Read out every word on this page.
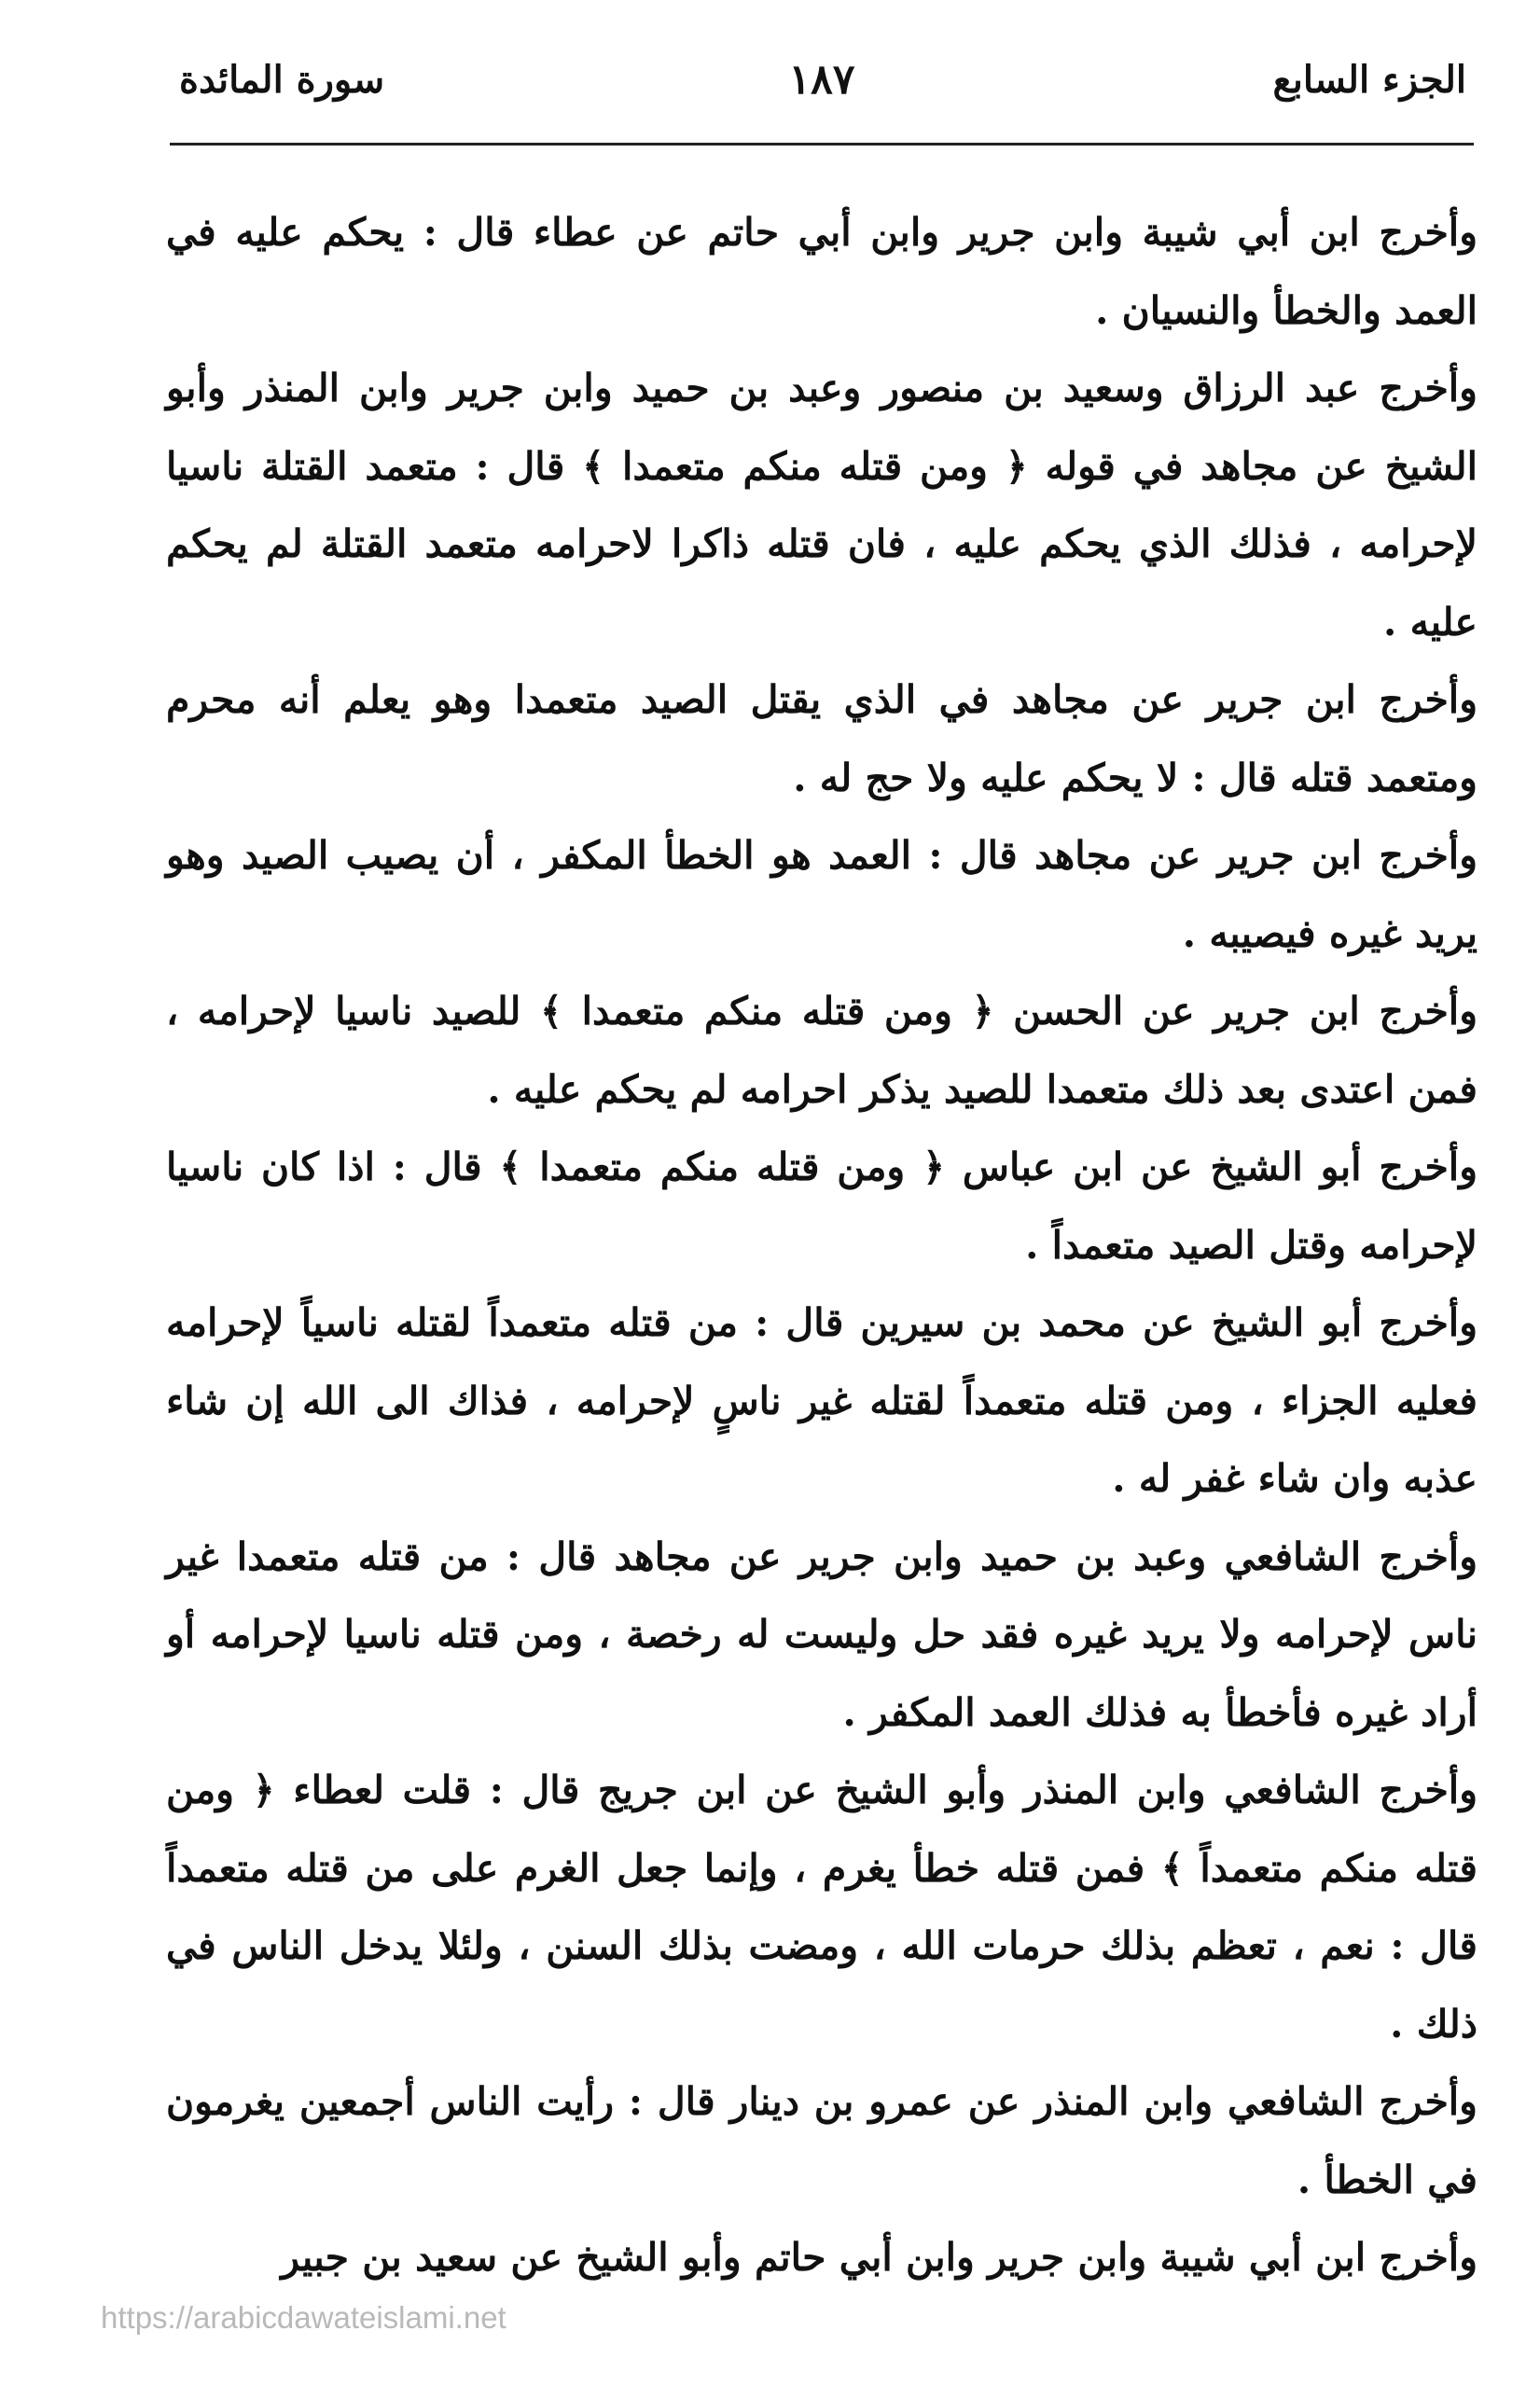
الجزء السابع
١٨٧
سورة المائدة

وأخرج ابن أبي شيبة وابن جرير وابن أبي حاتم عن عطاء قال : يحكم عليه في العمد والخطأ والنسيان .

وأخرج عبد الرزاق وسعيد بن منصور وعبد بن حميد وابن جرير وابن المنذر وأبو الشيخ عن مجاهد في قوله ﴿ ومن قتله منكم متعمدا ﴾ قال : متعمد القتلة ناسيا لإحرامه ، فذلك الذي يحكم عليه ، فان قتله ذاكرا لاحرامه متعمد القتلة لم يحكم عليه .

وأخرج ابن جرير عن مجاهد في الذي يقتل الصيد متعمدا وهو يعلم أنه محرم ومتعمد قتله قال : لا يحكم عليه ولا حج له .

وأخرج ابن جرير عن مجاهد قال : العمد هو الخطأ المكفر ، أن يصيب الصيد وهو يريد غيره فيصيبه .

وأخرج ابن جرير عن الحسن ﴿ ومن قتله منكم متعمدا ﴾ للصيد ناسيا لإحرامه ، فمن اعتدى بعد ذلك متعمدا للصيد يذكر احرامه لم يحكم عليه .

وأخرج أبو الشيخ عن ابن عباس ﴿ ومن قتله منكم متعمدا ﴾ قال : اذا كان ناسيا لإحرامه وقتل الصيد متعمداً .

وأخرج أبو الشيخ عن محمد بن سيرين قال : من قتله متعمداً لقتله ناسياً لإحرامه فعليه الجزاء ، ومن قتله متعمداً لقتله غير ناسٍ لإحرامه ، فذاك الى الله إن شاء عذبه وان شاء غفر له .

وأخرج الشافعي وعبد بن حميد وابن جرير عن مجاهد قال : من قتله متعمدا غير ناس لإحرامه ولا يريد غيره فقد حل وليست له رخصة ، ومن قتله ناسيا لإحرامه أو أراد غيره فأخطأ به فذلك العمد المكفر .

وأخرج الشافعي وابن المنذر وأبو الشيخ عن ابن جريج قال : قلت لعطاء ﴿ ومن قتله منكم متعمداً ﴾ فمن قتله خطأ يغرم ، وإنما جعل الغرم على من قتله متعمداً قال : نعم ، تعظم بذلك حرمات الله ، ومضت بذلك السنن ، ولئلا يدخل الناس في ذلك .

وأخرج الشافعي وابن المنذر عن عمرو بن دينار قال : رأيت الناس أجمعين يغرمون في الخطأ .

وأخرج ابن أبي شيبة وابن جرير وابن أبي حاتم وأبو الشيخ عن سعيد بن جبير

https://arabicdawateislami.net
